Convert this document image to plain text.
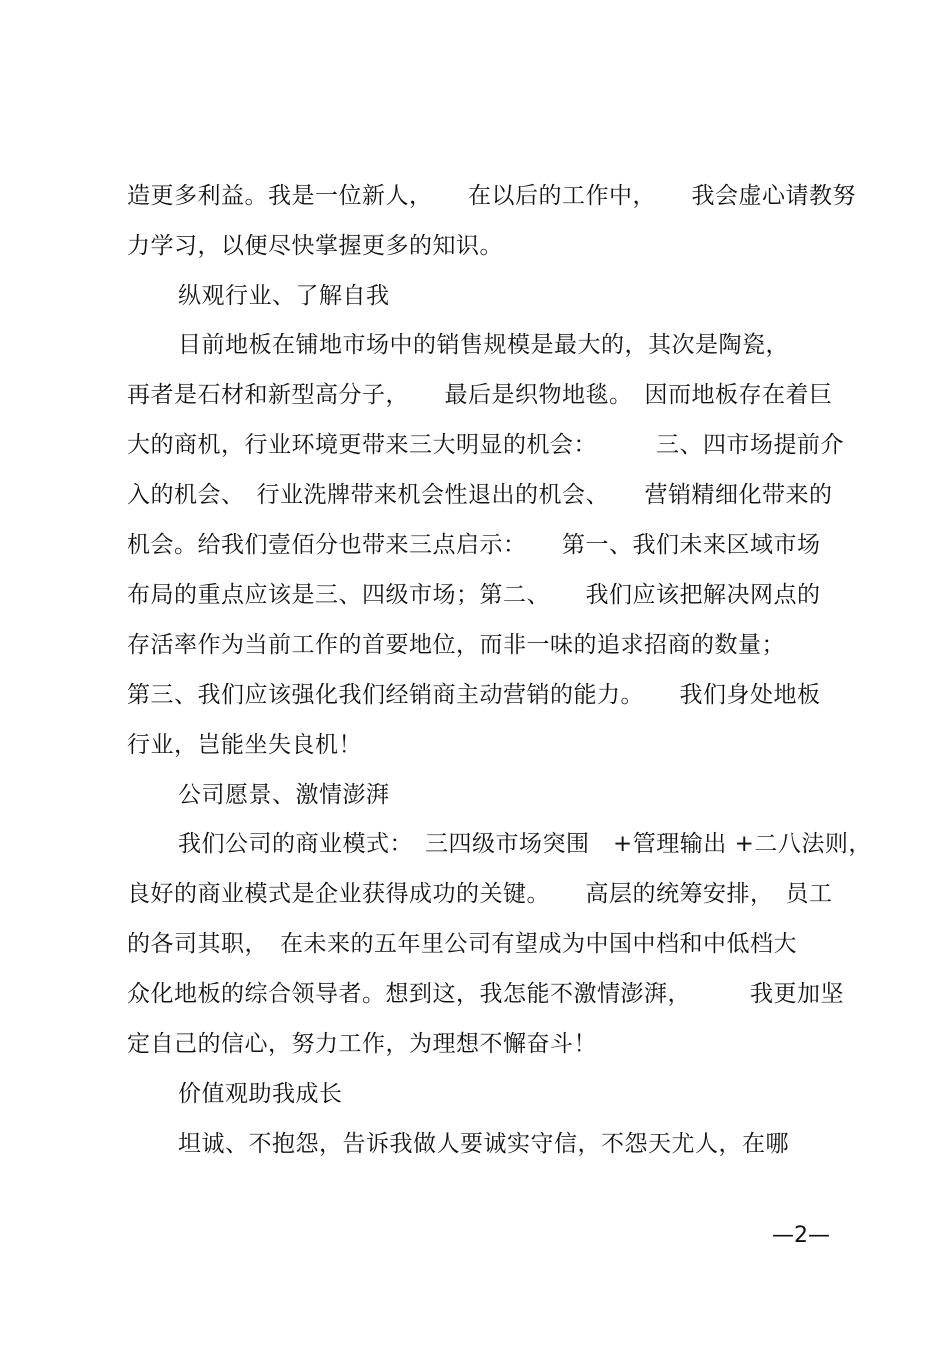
造更多利益。我是一位新人，　　在以后的工作中，　　我会虚心请教努
力学习，以便尽快掌握更多的知识。
纵观行业、了解自我
目前地板在铺地市场中的销售规模是最大的，其次是陶瓷，
再者是石材和新型高分子，　　最后是织物地毯。　因而地板存在着巨
大的商机，行业环境更带来三大明显的机会：　　　三、四市场提前介
入的机会、　行业洗牌带来机会性退出的机会、　　营销精细化带来的
机会。给我们壹佰分也带来三点启示：　　第一、我们未来区域市场
布局的重点应该是三、四级市场；第二、　　我们应该把解决网点的
存活率作为当前工作的首要地位，而非一味的追求招商的数量；
第三、我们应该强化我们经销商主动营销的能力。　　我们身处地板
行业，岂能坐失良机！
公司愿景、激情澎湃
我们公司的商业模式：　三四级市场突围　+管理输出 +二八法则，
良好的商业模式是企业获得成功的关键。　　高层的统筹安排，　员工
的各司其职，　在未来的五年里公司有望成为中国中档和中低档大
众化地板的综合领导者。想到这，我怎能不激情澎湃，　　　我更加坚
定自己的信心，努力工作，为理想不懈奋斗！
价值观助我成长
坦诚、不抱怨，告诉我做人要诚实守信，不怨天尤人，在哪
—2—
